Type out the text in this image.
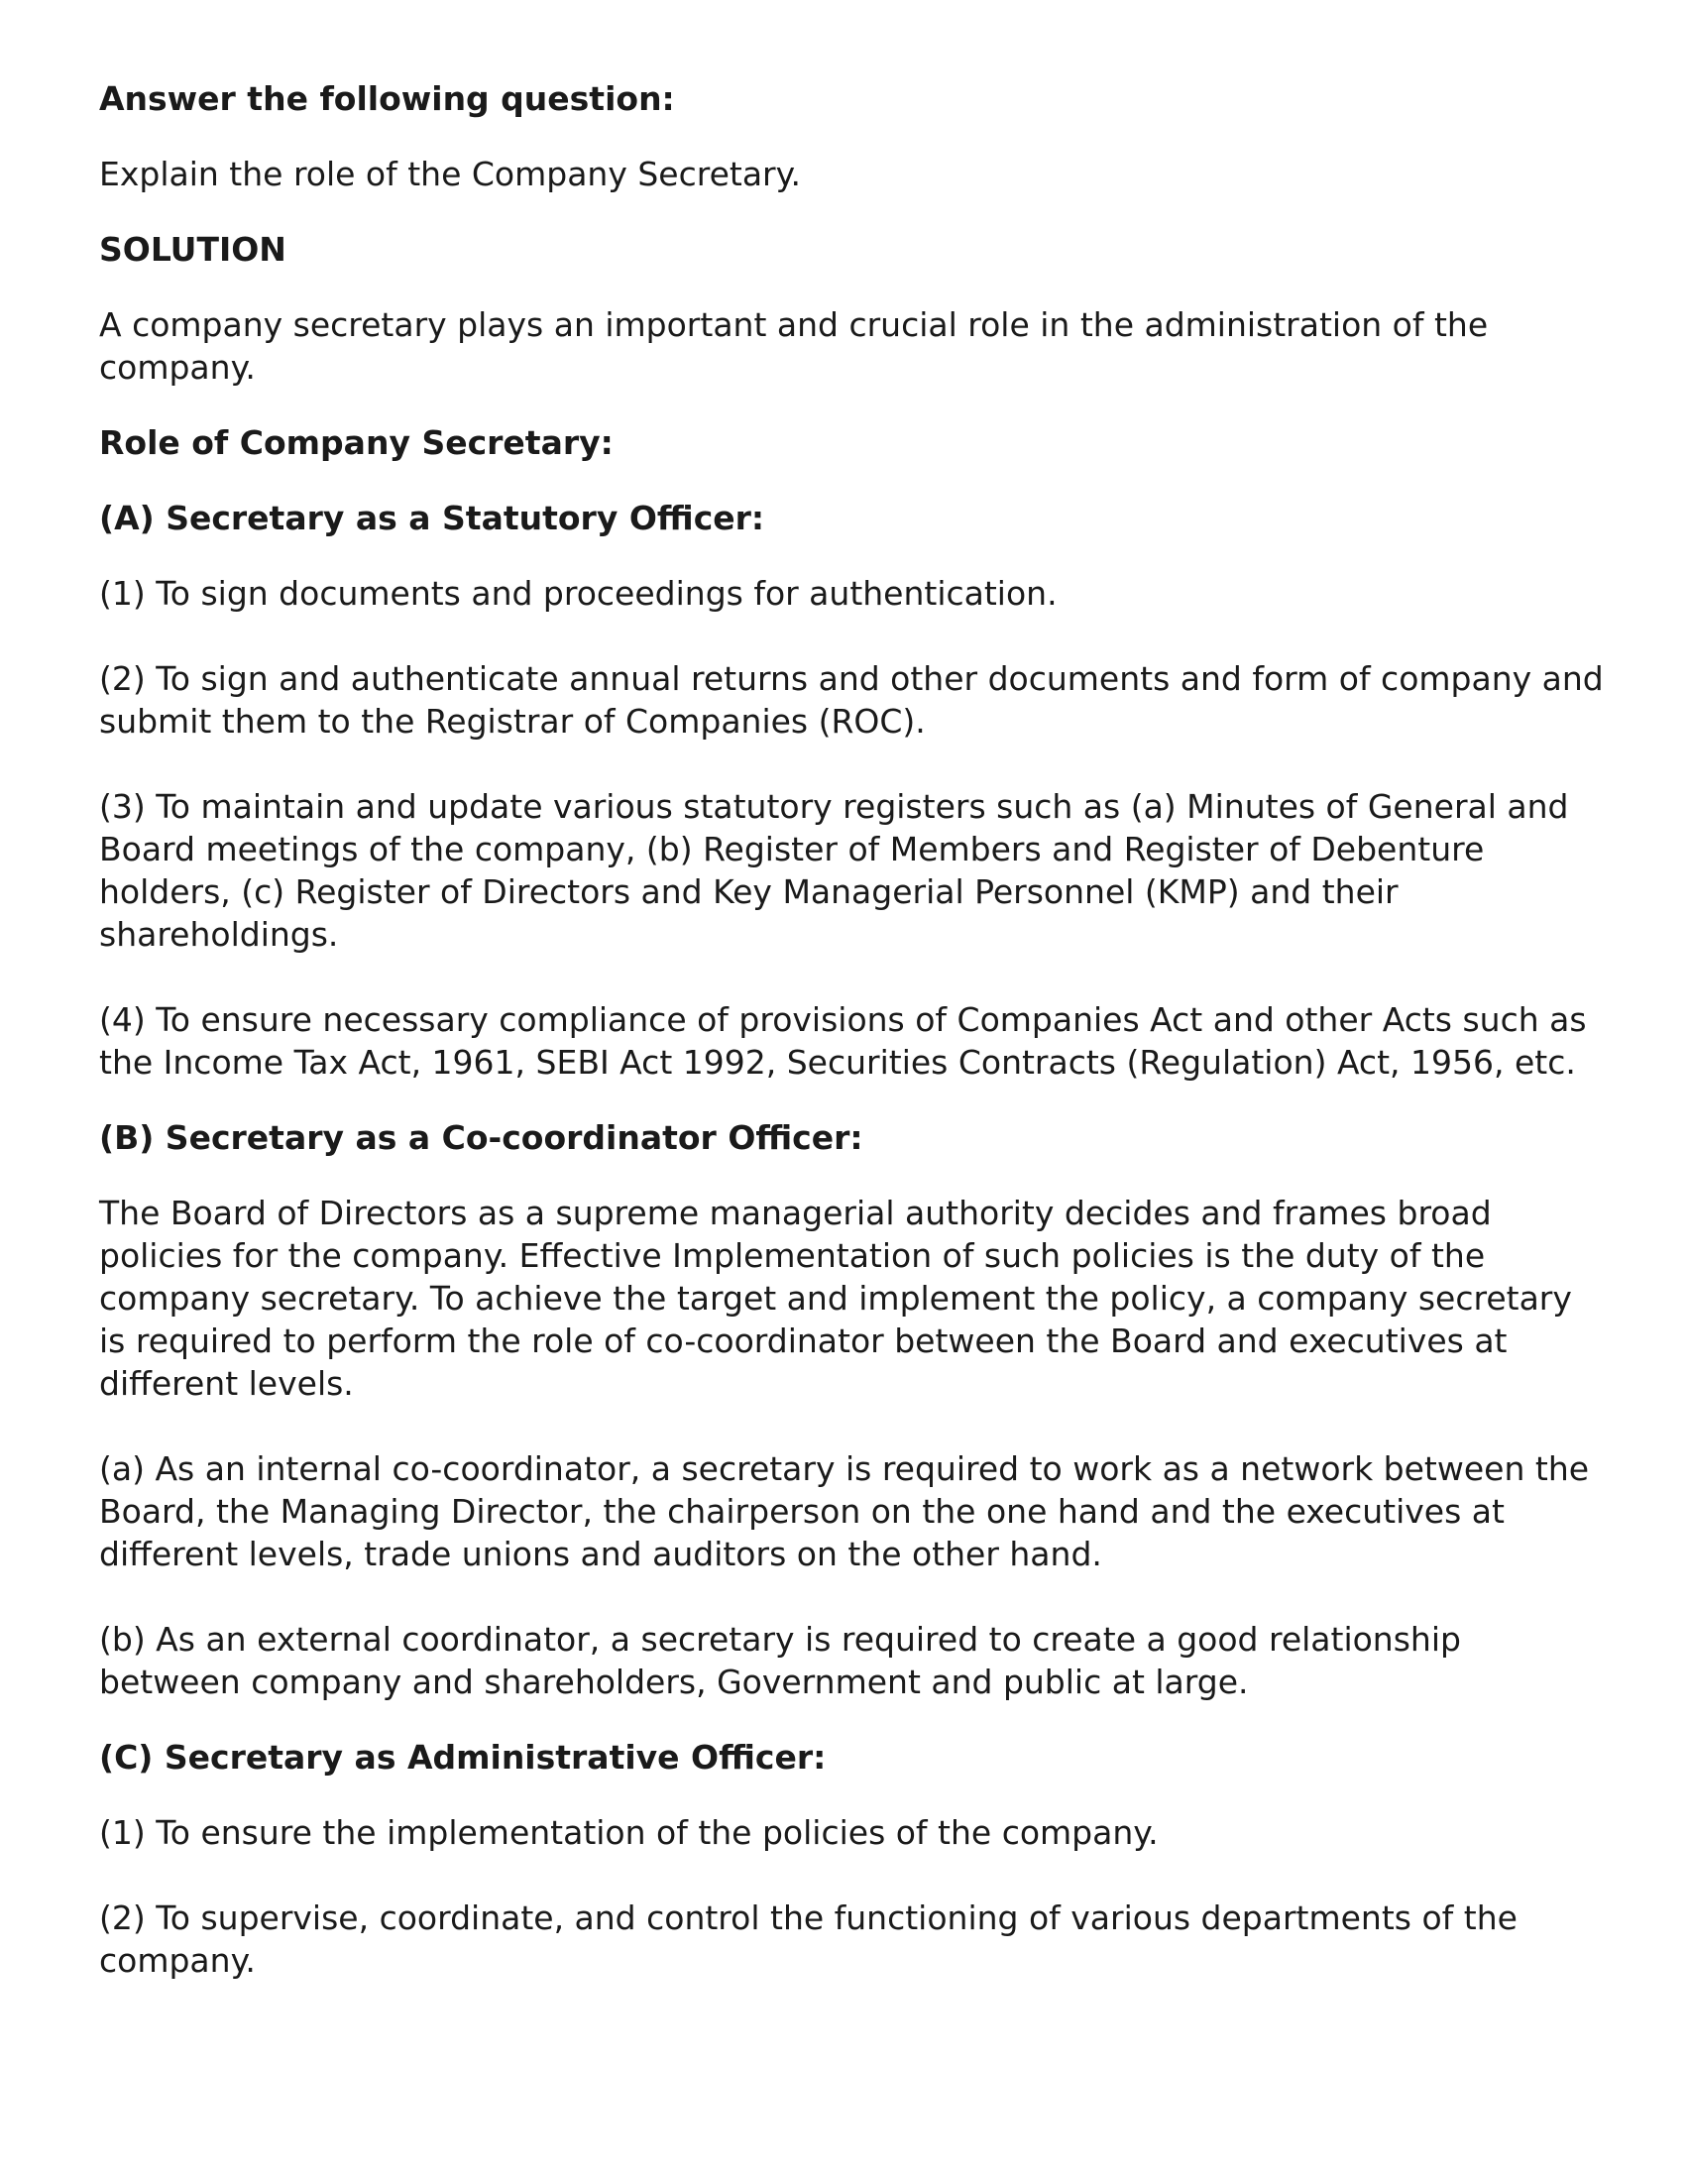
Answer the following question:

Explain the role of the Company Secretary.

SOLUTION

A company secretary plays an important and crucial role in the administration of the company.

Role of Company Secretary:

(A) Secretary as a Statutory Officer:

(1) To sign documents and proceedings for authentication.

(2) To sign and authenticate annual returns and other documents and form of company and submit them to the Registrar of Companies (ROC).

(3) To maintain and update various statutory registers such as (a) Minutes of General and Board meetings of the company, (b) Register of Members and Register of Debenture holders, (c) Register of Directors and Key Managerial Personnel (KMP) and their shareholdings.

(4) To ensure necessary compliance of provisions of Companies Act and other Acts such as the Income Tax Act, 1961, SEBI Act 1992, Securities Contracts (Regulation) Act, 1956, etc.

(B) Secretary as a Co-coordinator Officer:

The Board of Directors as a supreme managerial authority decides and frames broad policies for the company. Effective Implementation of such policies is the duty of the company secretary. To achieve the target and implement the policy, a company secretary is required to perform the role of co-coordinator between the Board and executives at different levels.

(a) As an internal co-coordinator, a secretary is required to work as a network between the Board, the Managing Director, the chairperson on the one hand and the executives at different levels, trade unions and auditors on the other hand.

(b) As an external coordinator, a secretary is required to create a good relationship between company and shareholders, Government and public at large.

(C) Secretary as Administrative Officer:

(1) To ensure the implementation of the policies of the company.

(2) To supervise, coordinate, and control the functioning of various departments of the company.
